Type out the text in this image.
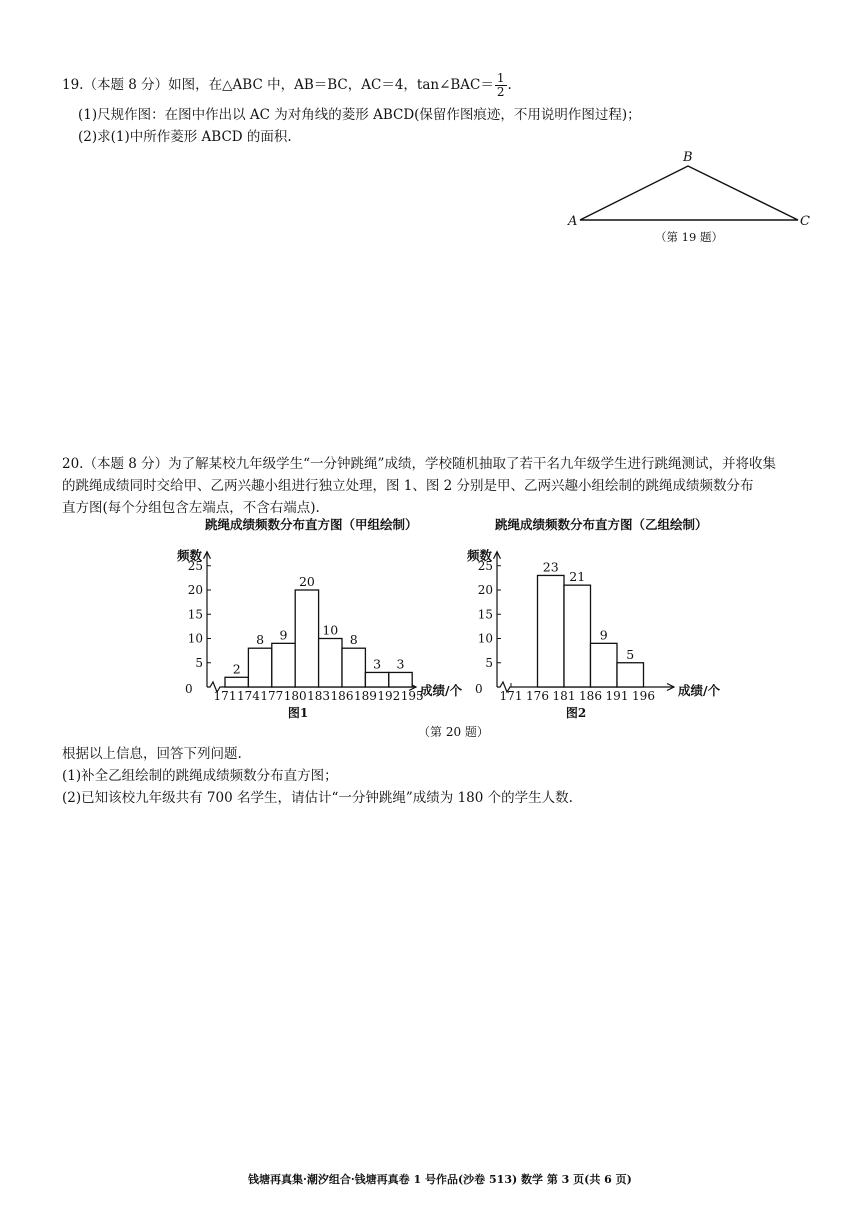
19.（本题 8 分）如图，在△ABC 中，AB＝BC，AC＝4，tan∠BAC＝ $\frac{1}{2}$ .
(1)尺规作图：在图中作出以 AC 为对角线的菱形 ABCD(保留作图痕迹，不用说明作图过程)；
(2)求(1)中所作菱形 ABCD 的面积.
A
B
C
（第 19 题）
20.（本题 8 分）为了解某校九年级学生“一分钟跳绳”成绩，学校随机抽取了若干名九年级学生进行跳绳测试，并将收集
的跳绳成绩同时交给甲、乙两兴趣小组进行独立处理，图 1、图 2 分别是甲、乙两兴趣小组绘制的跳绳成绩频数分布
直方图(每个分组包含左端点，不含右端点).
跳绳成绩频数分布直方图（甲组绘制）
频数
5
10
15
20
25
0	成绩/个
171 174 177 180 183 186 189 192 195
2
8 9
20
10
8
3 3
图1
跳绳成绩频数分布直方图（乙组绘制）
频数
5
10
15
20
25
0	成绩/个
171 176 181 186 191 196
23
21
9
5
图2
（第 20 题）
根据以上信息，回答下列问题.
(1)补全乙组绘制的跳绳成绩频数分布直方图；
(2)已知该校九年级共有 700 名学生，请估计“一分钟跳绳”成绩为 180 个的学生人数.
钱塘再真集·潮汐组合·钱塘再真卷 1 号作品(沙卷 513) 数学 第 3 页(共 6 页)
